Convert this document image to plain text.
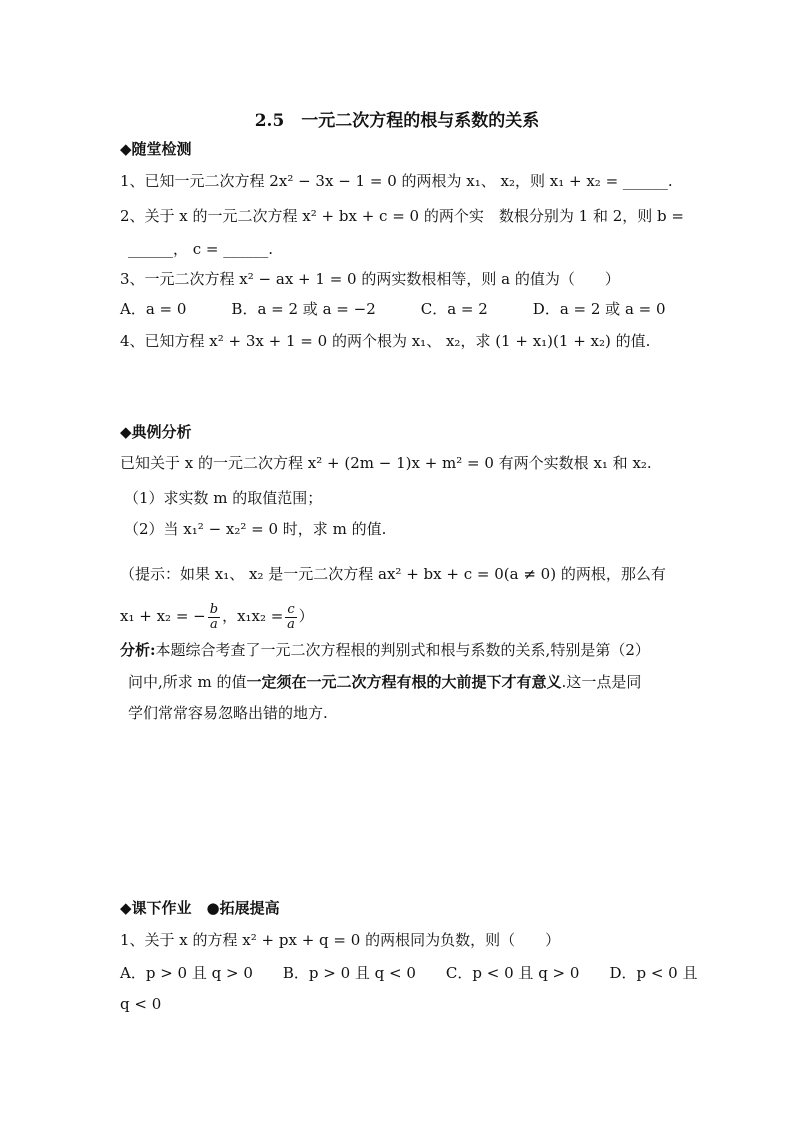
2.5　一元二次方程的根与系数的关系
◆随堂检测
1、已知一元二次方程 2x² − 3x − 1 = 0 的两根为 x₁、 x₂，则 x₁ + x₂ = ______.
2、关于 x 的一元二次方程 x² + bx + c = 0 的两个实　数根分别为 1 和 2，则 b =
______， c = ______.
3、一元二次方程 x² − ax + 1 = 0 的两实数根相等，则 a 的值为（　　）
A．a = 0　　　B．a = 2 或 a = −2　　　C．a = 2　　　D．a = 2 或 a = 0
4、已知方程 x² + 3x + 1 = 0 的两个根为 x₁、 x₂，求 (1 + x₁)(1 + x₂) 的值.
◆典例分析
已知关于 x 的一元二次方程 x² + (2m − 1)x + m² = 0 有两个实数根 x₁ 和 x₂.
（1）求实数 m 的取值范围；
（2）当 x₁² − x₂² = 0 时，求 m 的值.
（提示：如果 x₁、 x₂ 是一元二次方程 ax² + bx + c = 0(a ≠ 0) 的两根，那么有
x₁ + x₂ = − $\frac{b}{a}$ ，$x_1x_2 = \frac{c}{a}$ ）
分析:本题综合考查了一元二次方程根的判别式和根与系数的关系,特别是第（2）
问中,所求 m 的值一定须在一元二次方程有根的大前提下才有意义.这一点是同
学们常常容易忽略出错的地方.
◆课下作业　●拓展提高
1、关于 x 的方程 x² + px + q = 0 的两根同为负数，则（　　）
A．p > 0 且 q > 0　　B．p > 0 且 q < 0　　C．p < 0 且 q > 0　　D．p < 0 且
q < 0
